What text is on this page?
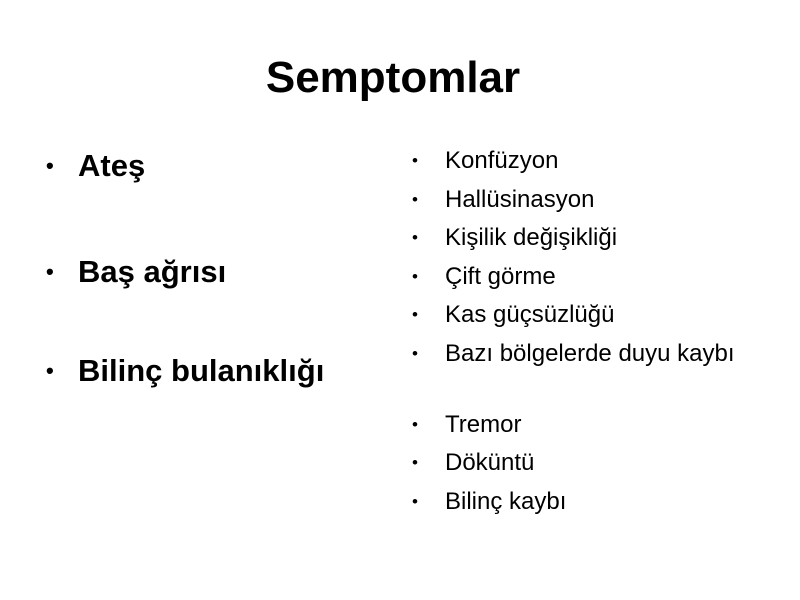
Semptomlar
• Ateş
• Baş ağrısı
• Bilinç bulanıklığı
• Konfüzyon
• Hallüsinasyon
• Kişilik değişikliği
• Çift görme
• Kas güçsüzlüğü
• Bazı bölgelerde duyu kaybı
• Tremor
• Döküntü
• Bilinç kaybı
